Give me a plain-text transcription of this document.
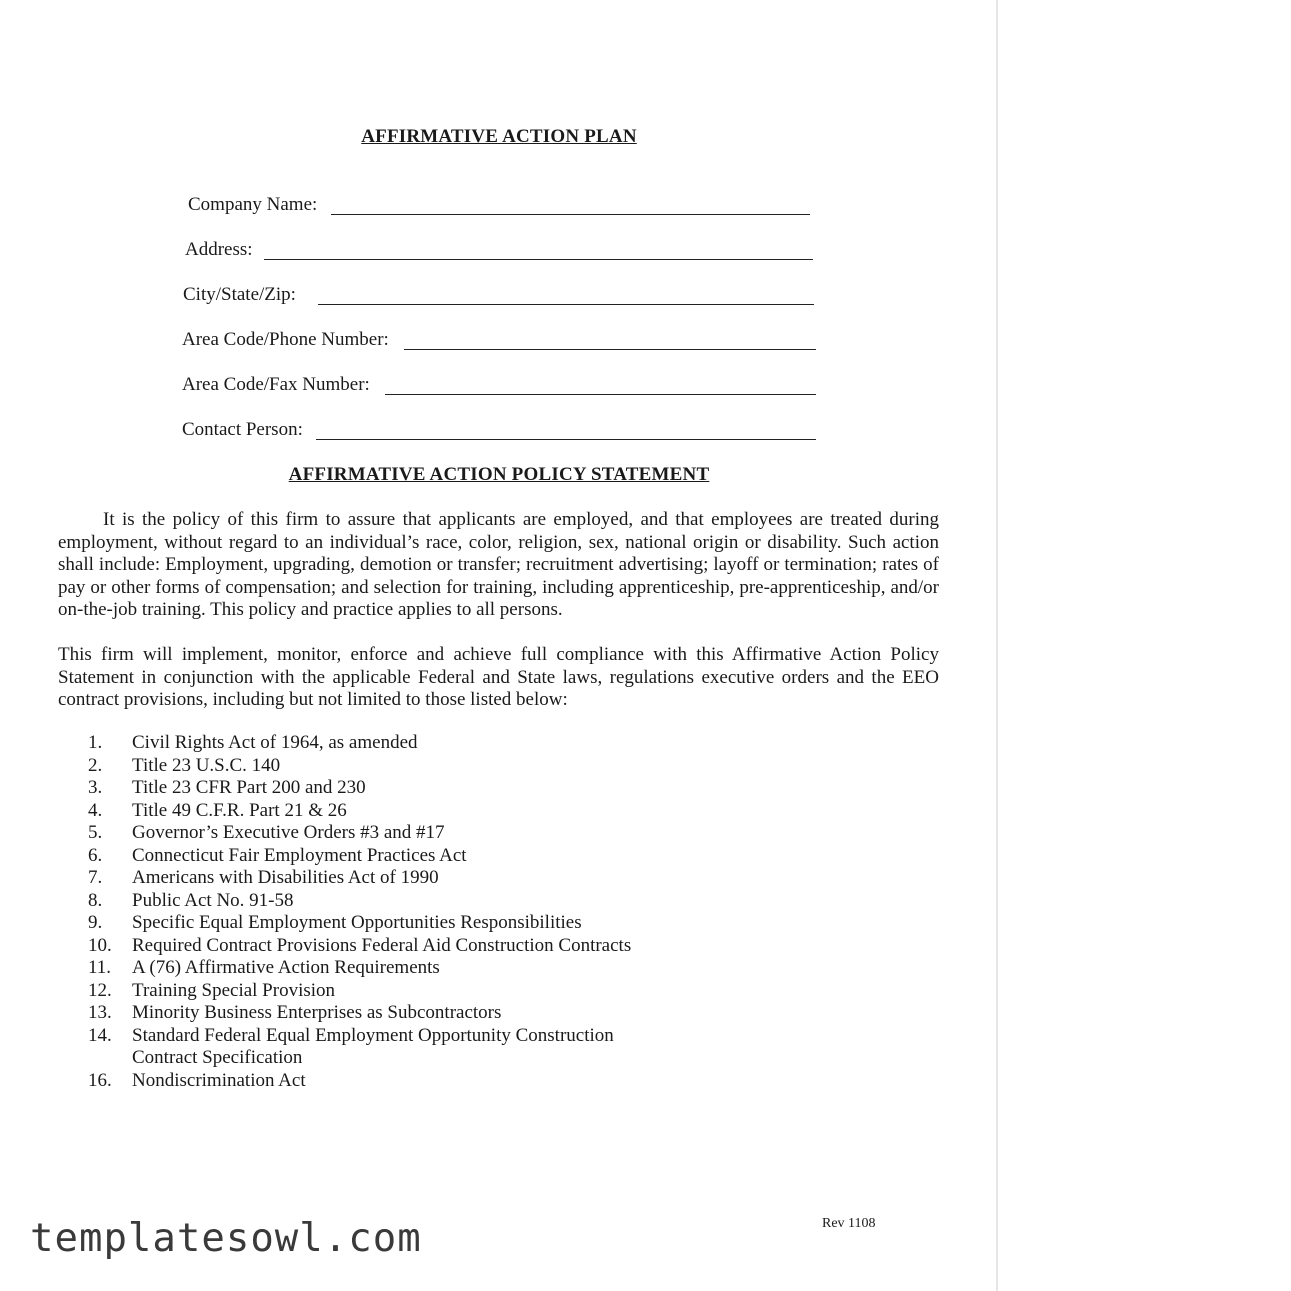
AFFIRMATIVE ACTION PLAN
Company Name:
Address:
City/State/Zip:
Area Code/Phone Number:
Area Code/Fax Number:
Contact Person:
AFFIRMATIVE ACTION POLICY STATEMENT

It is the policy of this firm to assure that applicants are employed, and that employees are treated during employment, without regard to an individual’s race, color, religion, sex, national origin or disability. Such action shall include: Employment, upgrading, demotion or transfer; recruitment advertising; layoff or termination; rates of pay or other forms of compensation; and selection for training, including apprenticeship, pre-apprenticeship, and/or on-the-job training. This policy and practice applies to all persons.

This firm will implement, monitor, enforce and achieve full compliance with this Affirmative Action Policy Statement in conjunction with the applicable Federal and State laws, regulations executive orders and the EEO contract provisions, including but not limited to those listed below:

1. Civil Rights Act of 1964, as amended
2. Title 23 U.S.C. 140
3. Title 23 CFR Part 200 and 230
4. Title 49 C.F.R. Part 21 & 26
5. Governor’s Executive Orders #3 and #17
6. Connecticut Fair Employment Practices Act
7. Americans with Disabilities Act of 1990
8. Public Act No. 91-58
9. Specific Equal Employment Opportunities Responsibilities
10. Required Contract Provisions Federal Aid Construction Contracts
11. A (76) Affirmative Action Requirements
12. Training Special Provision
13. Minority Business Enterprises as Subcontractors
14. Standard Federal Equal Employment Opportunity Construction Contract Specification
16. Nondiscrimination Act
Rev 1108
templatesowl.com
